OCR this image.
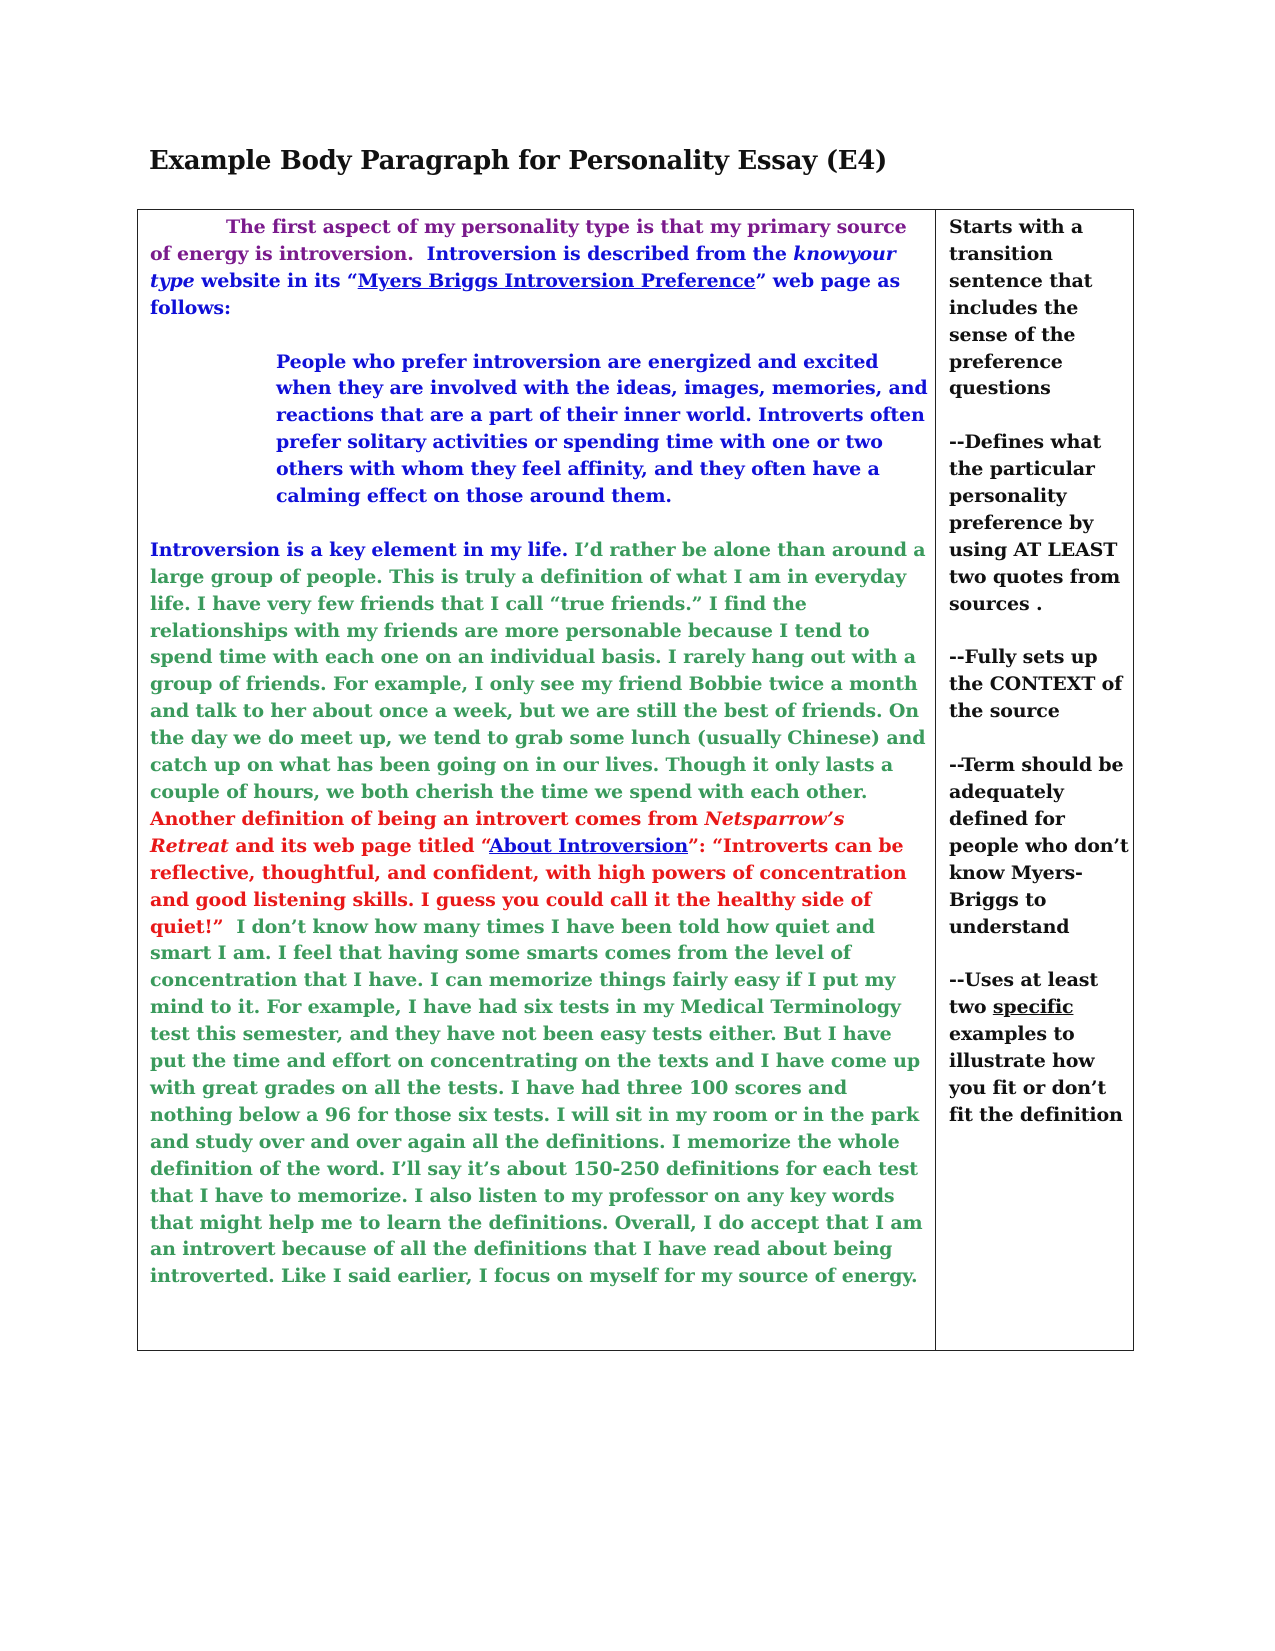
Example Body Paragraph for Personality Essay (E4)

The first aspect of my personality type is that my primary source of energy is introversion. Introversion is described from the knowyour type website in its “Myers Briggs Introversion Preference” web page as follows:

People who prefer introversion are energized and excited when they are involved with the ideas, images, memories, and reactions that are a part of their inner world. Introverts often prefer solitary activities or spending time with one or two others with whom they feel affinity, and they often have a calming effect on those around them.

Introversion is a key element in my life. I’d rather be alone than around a large group of people. This is truly a definition of what I am in everyday life. I have very few friends that I call “true friends.” I find the relationships with my friends are more personable because I tend to spend time with each one on an individual basis. I rarely hang out with a group of friends. For example, I only see my friend Bobbie twice a month and talk to her about once a week, but we are still the best of friends. On the day we do meet up, we tend to grab some lunch (usually Chinese) and catch up on what has been going on in our lives. Though it only lasts a couple of hours, we both cherish the time we spend with each other. Another definition of being an introvert comes from Netsparrow’s Retreat and its web page titled “About Introversion”: “Introverts can be reflective, thoughtful, and confident, with high powers of concentration and good listening skills. I guess you could call it the healthy side of quiet!” I don’t know how many times I have been told how quiet and smart I am. I feel that having some smarts comes from the level of concentration that I have. I can memorize things fairly easy if I put my mind to it. For example, I have had six tests in my Medical Terminology test this semester, and they have not been easy tests either. But I have put the time and effort on concentrating on the texts and I have come up with great grades on all the tests. I have had three 100 scores and nothing below a 96 for those six tests. I will sit in my room or in the park and study over and over again all the definitions. I memorize the whole definition of the word. I’ll say it’s about 150-250 definitions for each test that I have to memorize. I also listen to my professor on any key words that might help me to learn the definitions. Overall, I do accept that I am an introvert because of all the definitions that I have read about being introverted. Like I said earlier, I focus on myself for my source of energy.

Starts with a transition sentence that includes the sense of the preference questions

--Defines what the particular personality preference by using AT LEAST two quotes from sources .

--Fully sets up the CONTEXT of the source

--Term should be adequately defined for people who don’t know Myers-Briggs to understand

--Uses at least two specific examples to illustrate how you fit or don’t fit the definition
